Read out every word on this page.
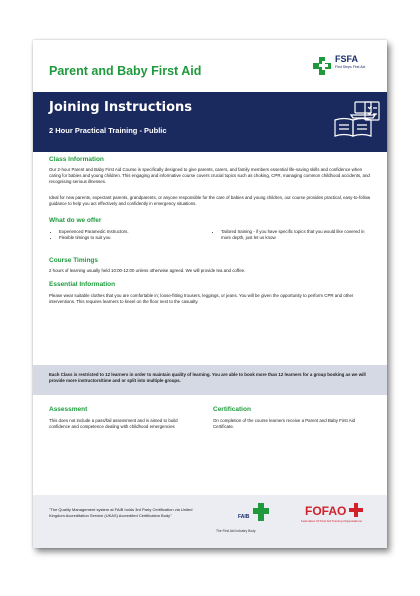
Parent and Baby First Aid
FSFA
First Steps First Aid
Joining Instructions
2 Hour Practical Training - Public
Class Information
Our 2-hour Parent and Baby First Aid Course is specifically designed to give parents, carers, and family members essential life-saving skills and confidence when caring for babies and young children. This engaging and informative course covers crucial topics such as choking, CPR, managing common childhood accidents, and recognising serious illnesses.
Ideal for new parents, expectant parents, grandparents, or anyone responsible for the care of babies and young children, our course provides practical, easy-to-follow guidance to help you act effectively and confidently in emergency situations.
What do we offer
• Experienced Paramedic Instructors.
• Flexible timings to suit you
• Tailored training - if you have specific topics that you would like covered in more depth, just let us know
Course Timings
2 hours of learning usually held 10:00-12:00 unless otherwise agreed. We will provide tea and coffee.
Essential Information
Please wear suitable clothes that you are comfortable in; loose-fitting trousers, leggings, or jeans. You will be given the opportunity to perform CPR and other interventions. This requires learners to kneel on the floor next to the casualty.
Each Class is restricted to 12 learners in order to maintain quality of learning. You are able to book more than 12 learners for a group booking as we will provide more instructors/time and or split into multiple groups.
Assessment
This does not include a pass/fail assessment and is aimed to build confidence and competence dealing with childhood emergencies
Certification
On completion of the course learners receive a Parent and Baby First Aid Certificate.
"The Quality Management system at FAIB holds 3rd Party Certification via United Kingdom Accreditation Service (UKAS) Accredited Certification Body"	FAIB
The First Aid Industry Body
FOFAO
Federation Of First Aid Training Organisations
